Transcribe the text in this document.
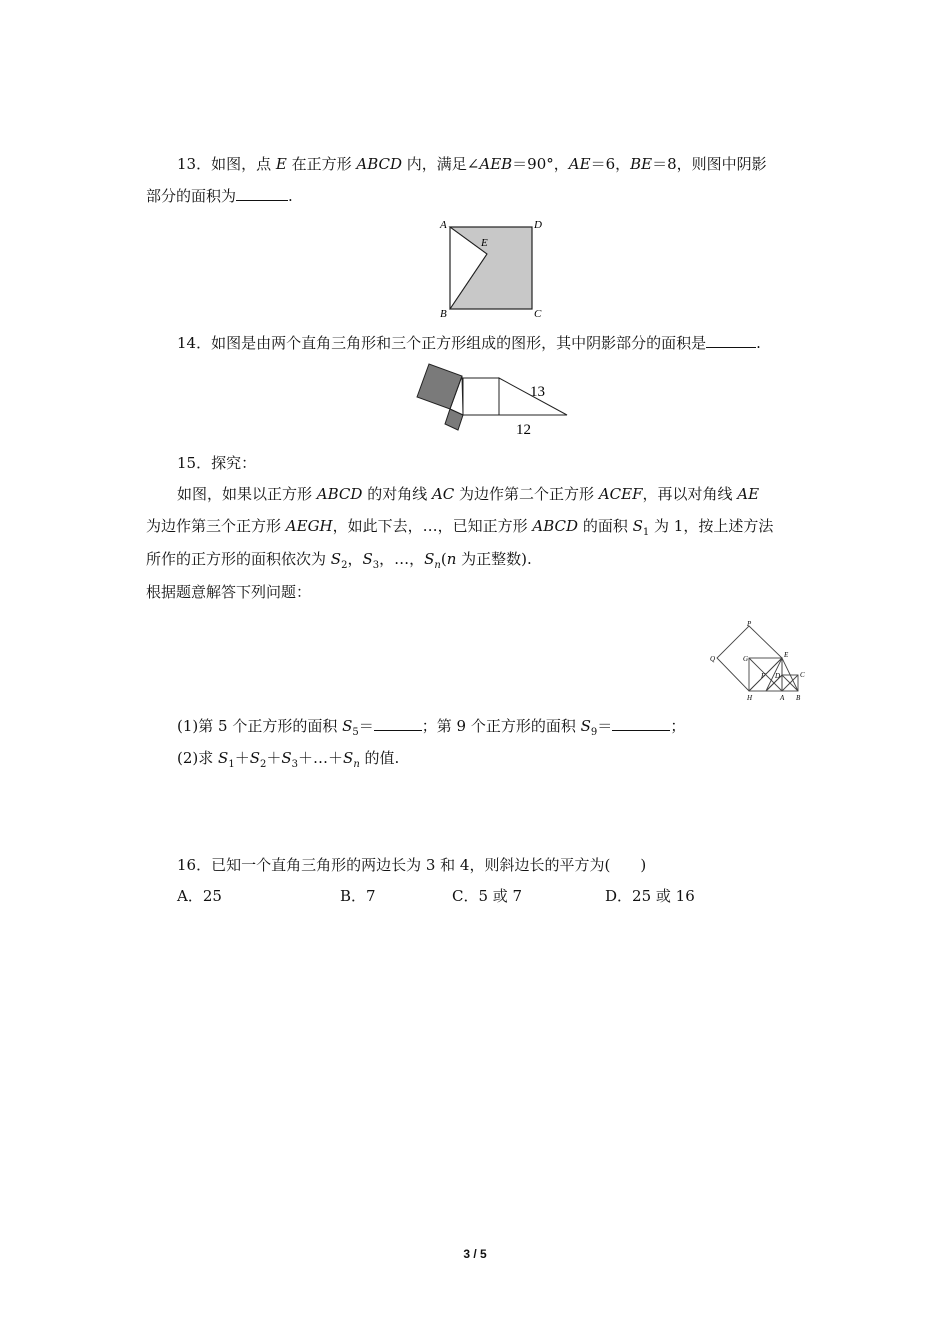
13．如图，点 E 在正方形 ABCD 内，满足∠AEB＝90°，AE＝6，BE＝8，则图中阴影
部分的面积为	.
A	D
E
B	C
14．如图是由两个直角三角形和三个正方形组成的图形，其中阴影部分的面积是	.
13
12
15．探究：
如图，如果以正方形 ABCD 的对角线 AC 为边作第二个正方形 ACEF，再以对角线 AE
为边作第三个正方形 AEGH，如此下去，…，已知正方形 ABCD 的面积 $S_1$ 为 1，按上述方法
所作的正方形的面积依次为 $S_2$，$S_3$，…，$S_n(n$ 为正整数).
根据题意解答下列问题：
P
Q	G	E
F D	C
H	A B
(1)第 5 个正方形的面积 $S_5=$	；第 9 个正方形的面积 $S_9=$	；
(2)求 $S_1+S_2+S_3+\dots+S_n$ 的值.
16．已知一个直角三角形的两边长为 3 和 4，则斜边长的平方为(　　)
A．25	B．7	C．5 或 7	D．25 或 16
3 / 5
